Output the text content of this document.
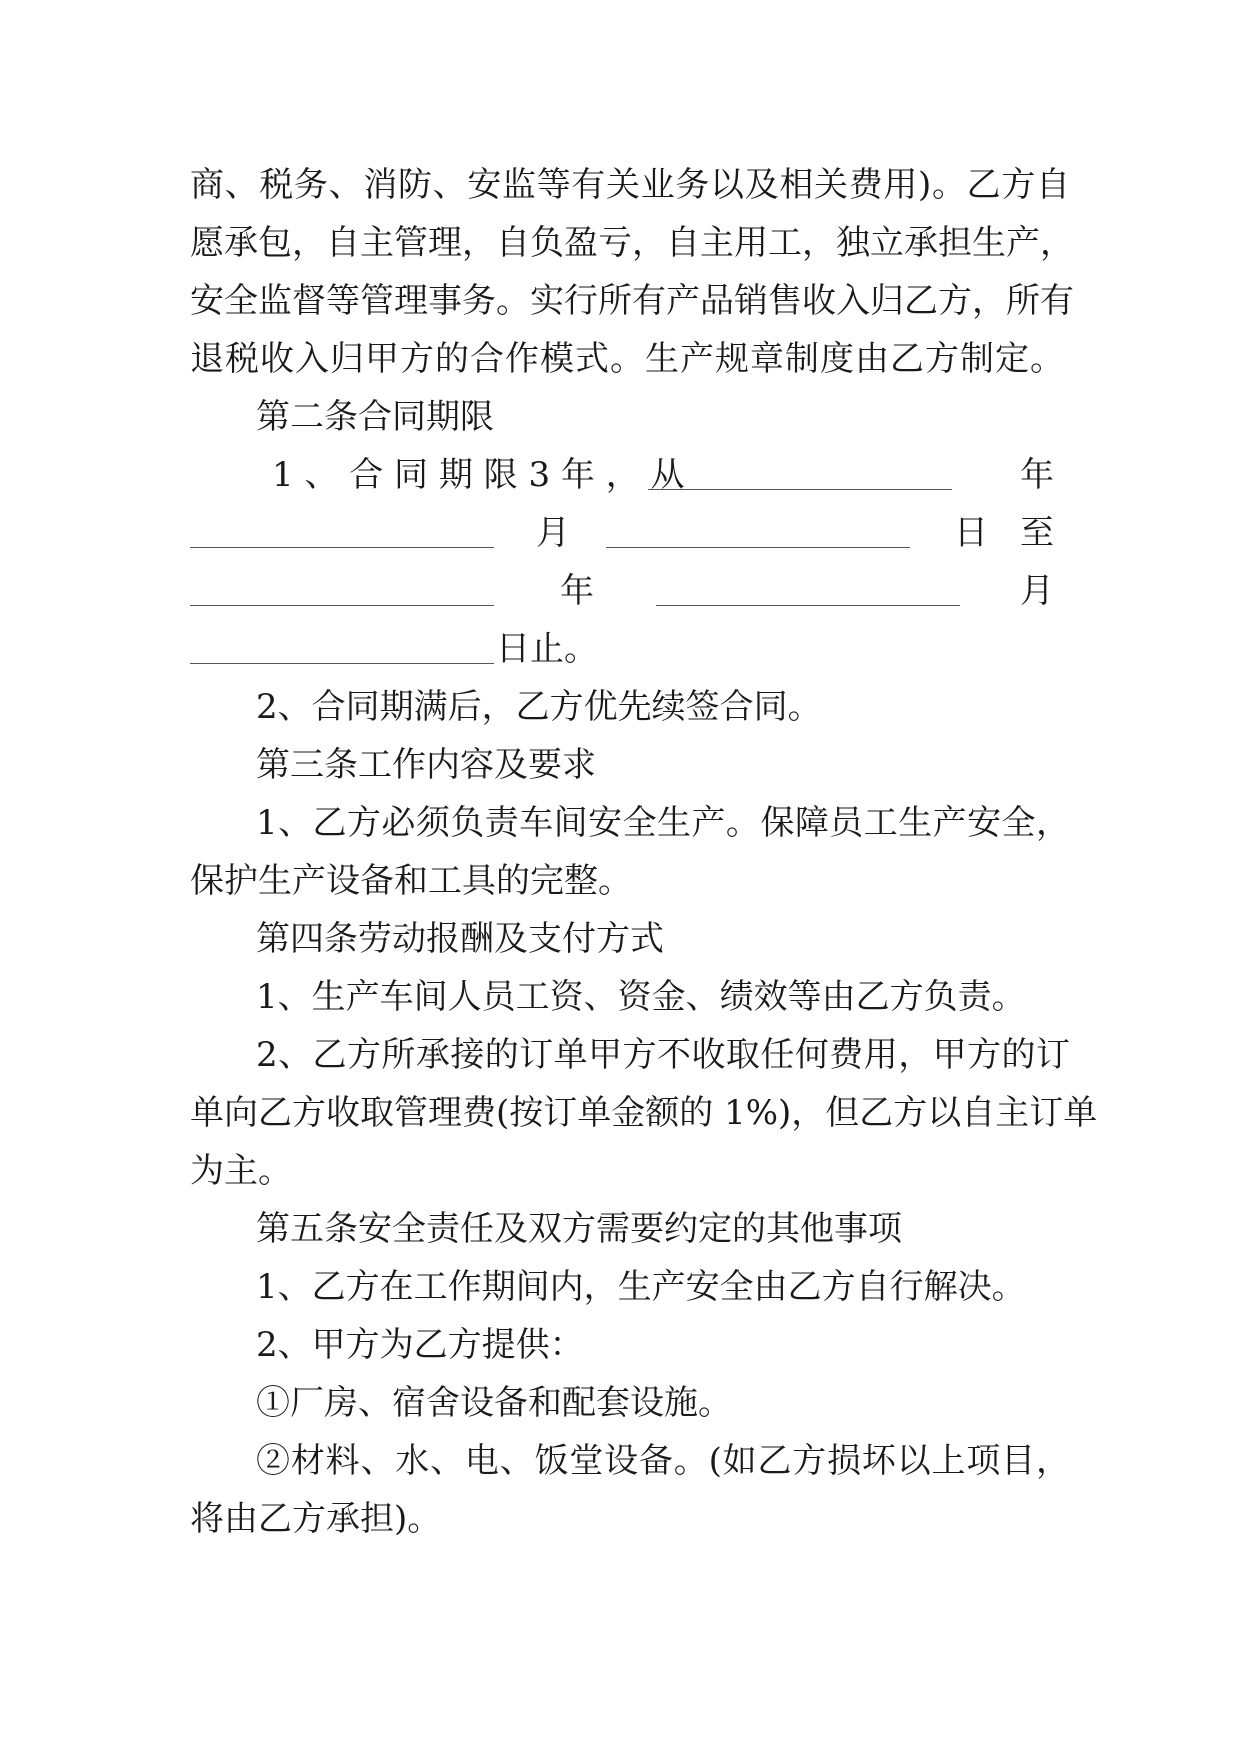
商、税务、消防、安监等有关业务以及相关费用)。乙方自
愿承包，自主管理，自负盈亏，自主用工，独立承担生产，
安全监督等管理事务。实行所有产品销售收入归乙方，所有
退税收入归甲方的合作模式。生产规章制度由乙方制定。
第二条合同期限
1 、 合 同 期 限 3 年 ， 从	年
月	日 至
年	月
日止。
2、合同期满后，乙方优先续签合同。
第三条工作内容及要求
1、乙方必须负责车间安全生产。保障员工生产安全，
保护生产设备和工具的完整。
第四条劳动报酬及支付方式
1、生产车间人员工资、资金、绩效等由乙方负责。
2、乙方所承接的订单甲方不收取任何费用，甲方的订
单向乙方收取管理费(按订单金额的 1%)，但乙方以自主订单
为主。
第五条安全责任及双方需要约定的其他事项
1、乙方在工作期间内，生产安全由乙方自行解决。
2、甲方为乙方提供：
①厂房、宿舍设备和配套设施。
②材料、水、电、饭堂设备。(如乙方损坏以上项目，
将由乙方承担)。
